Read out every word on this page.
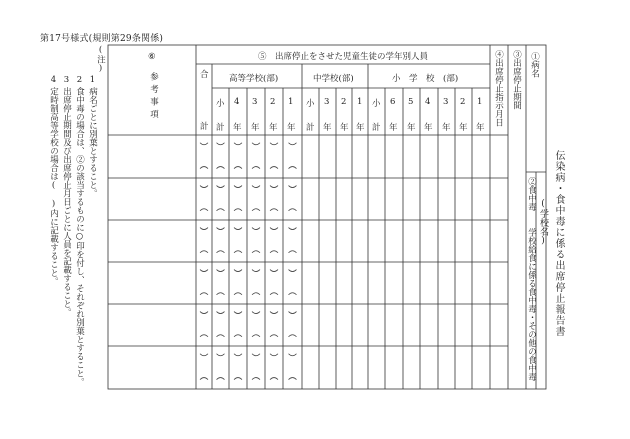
第17号様式(規則第29条関係)
伝染病・食中毒に係る出席停止報告書
(学校名)
①病名
②食中毒
学校給食に係る食中毒・その他の食中毒
③出席停止期間
④出席停止指示月日
⑤　出席停止をさせた児童生徒の学年別人員
合
計
高等学校(部)	中学校(部)	小　学　校　(部)
小
計
4
年
3
年
2
年
1
年
小
計
3
年
2
年
1
年
小
計
6
年
5
年
4
年
3
年
2
年
1
年
⑥
参考事項
(注)
1
病名ごとに別葉とすること。
2
食中毒の場合は、②の該当するものに○印を付し、それぞれ別葉とすること。
3
出席停止期間及び出席停止月日ごとに人員を記載すること。
4
定時制高等学校の場合は(　)内に記載すること。
